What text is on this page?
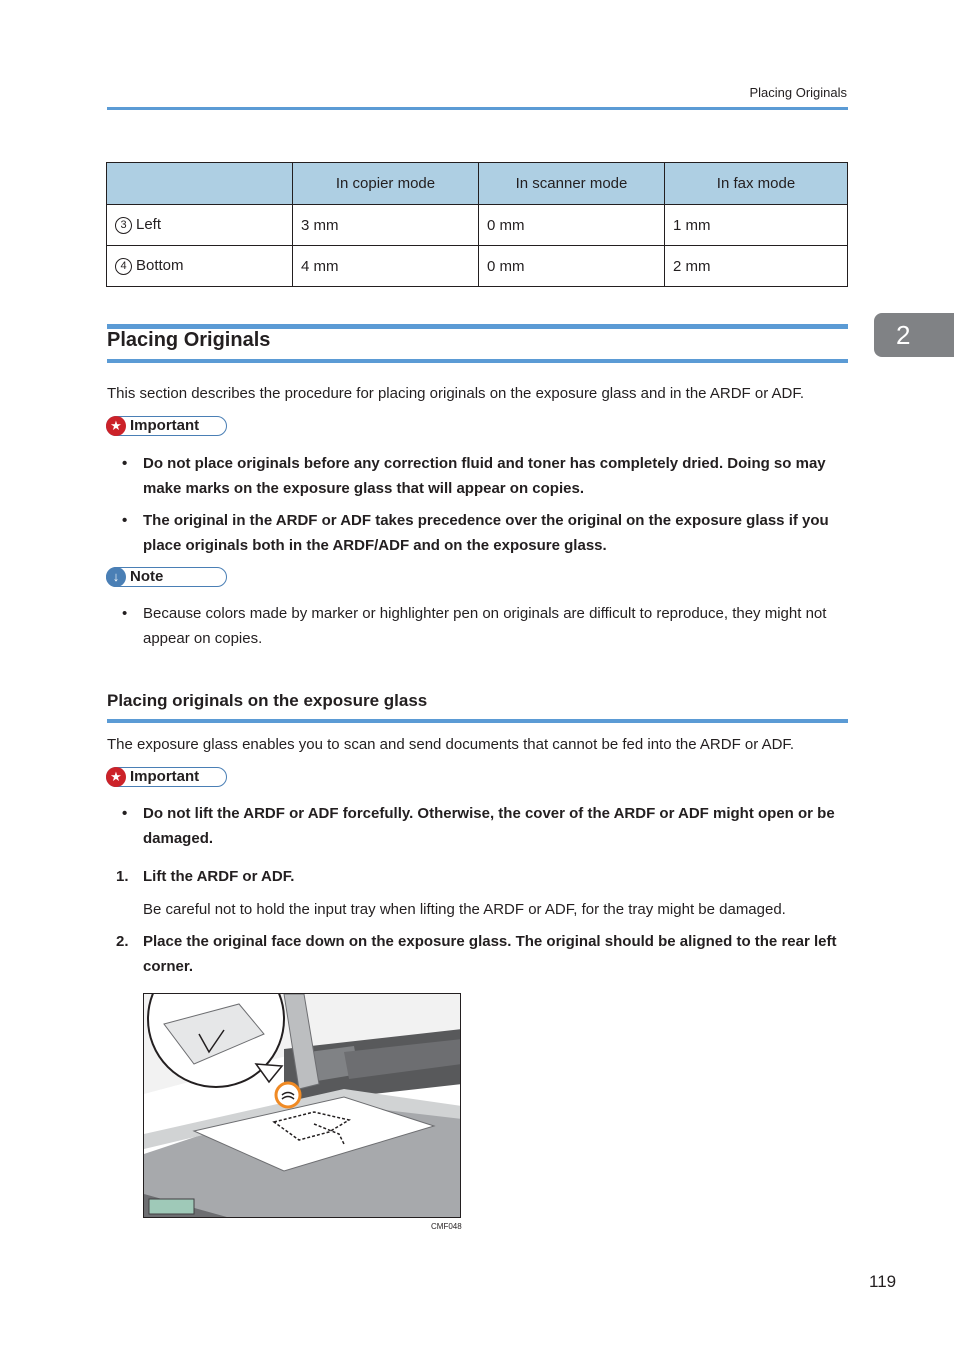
Placing Originals
	In copier mode	In scanner mode	In fax mode
3 Left	3 mm	0 mm	1 mm
4 Bottom	4 mm	0 mm	2 mm
2
Placing Originals
This section describes the procedure for placing originals on the exposure glass and in the ARDF or ADF.
★ Important
• Do not place originals before any correction fluid and toner has completely dried. Doing so may make marks on the exposure glass that will appear on copies.
• The original in the ARDF or ADF takes precedence over the original on the exposure glass if you place originals both in the ARDF/ADF and on the exposure glass.
↓ Note
• Because colors made by marker or highlighter pen on originals are difficult to reproduce, they might not appear on copies.
Placing originals on the exposure glass
The exposure glass enables you to scan and send documents that cannot be fed into the ARDF or ADF.
★ Important
• Do not lift the ARDF or ADF forcefully. Otherwise, the cover of the ARDF or ADF might open or be damaged.
1. Lift the ARDF or ADF.
Be careful not to hold the input tray when lifting the ARDF or ADF, for the tray might be damaged.
2. Place the original face down on the exposure glass. The original should be aligned to the rear left corner.
CMF048
119
